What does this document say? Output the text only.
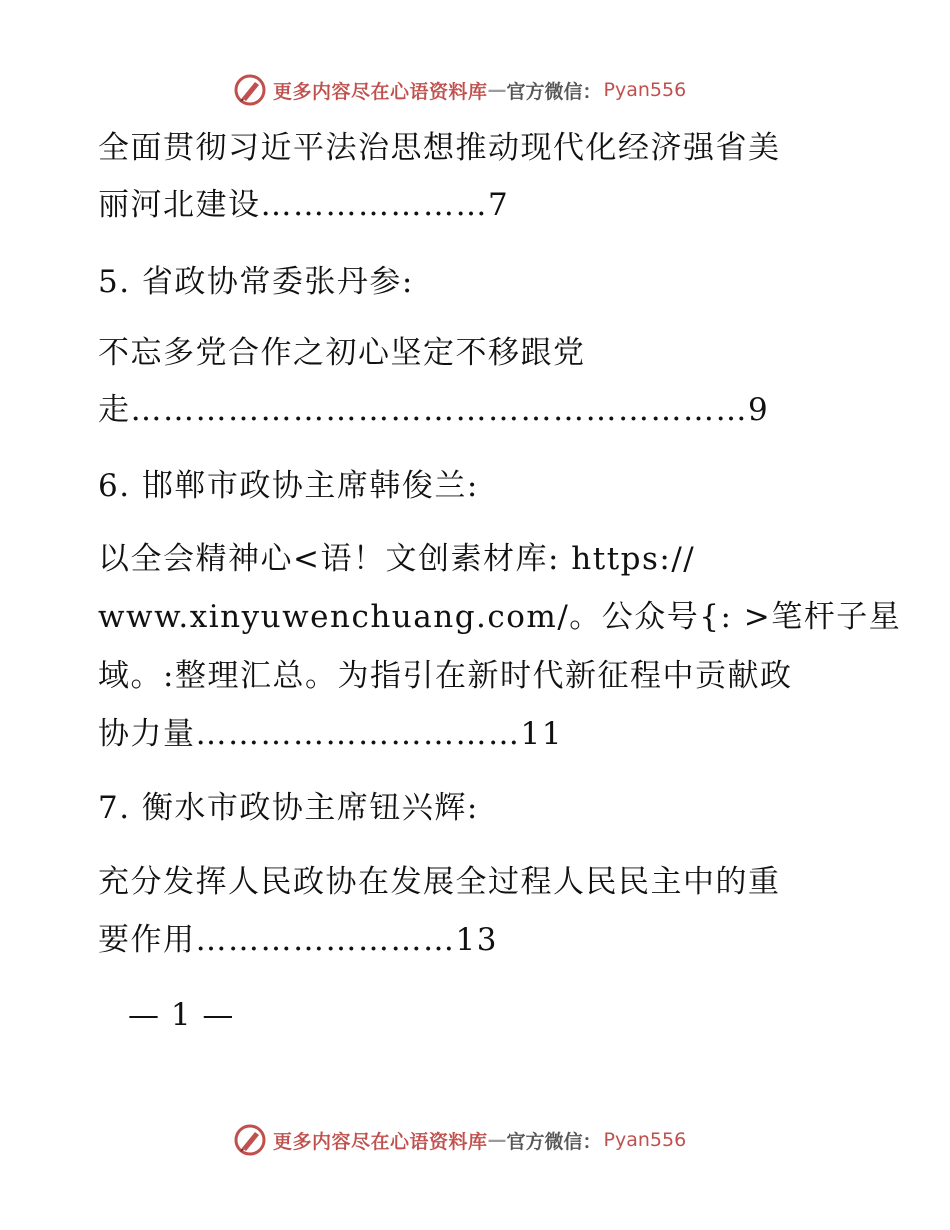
更多内容尽在心语资料库 — 官方微信： Pyan556
全面贯彻习近平法治思想推动现代化经济强省美
丽河北建设…………………7
5. 省政协常委张丹参:
不忘多党合作之初心坚定不移跟党
走…………………………………………………9
6. 邯郸市政协主席韩俊兰:
以全会精神心<语！文创素材库: https://
www.xinyuwenchuang.com/。公众号{: >笔杆子星
域。:整理汇总。为指引在新时代新征程中贡献政
协力量…………………………11
7. 衡水市政协主席钮兴辉:
充分发挥人民政协在发展全过程人民民主中的重
要作用……………………13
— 1 —
更多内容尽在心语资料库 — 官方微信： Pyan556
